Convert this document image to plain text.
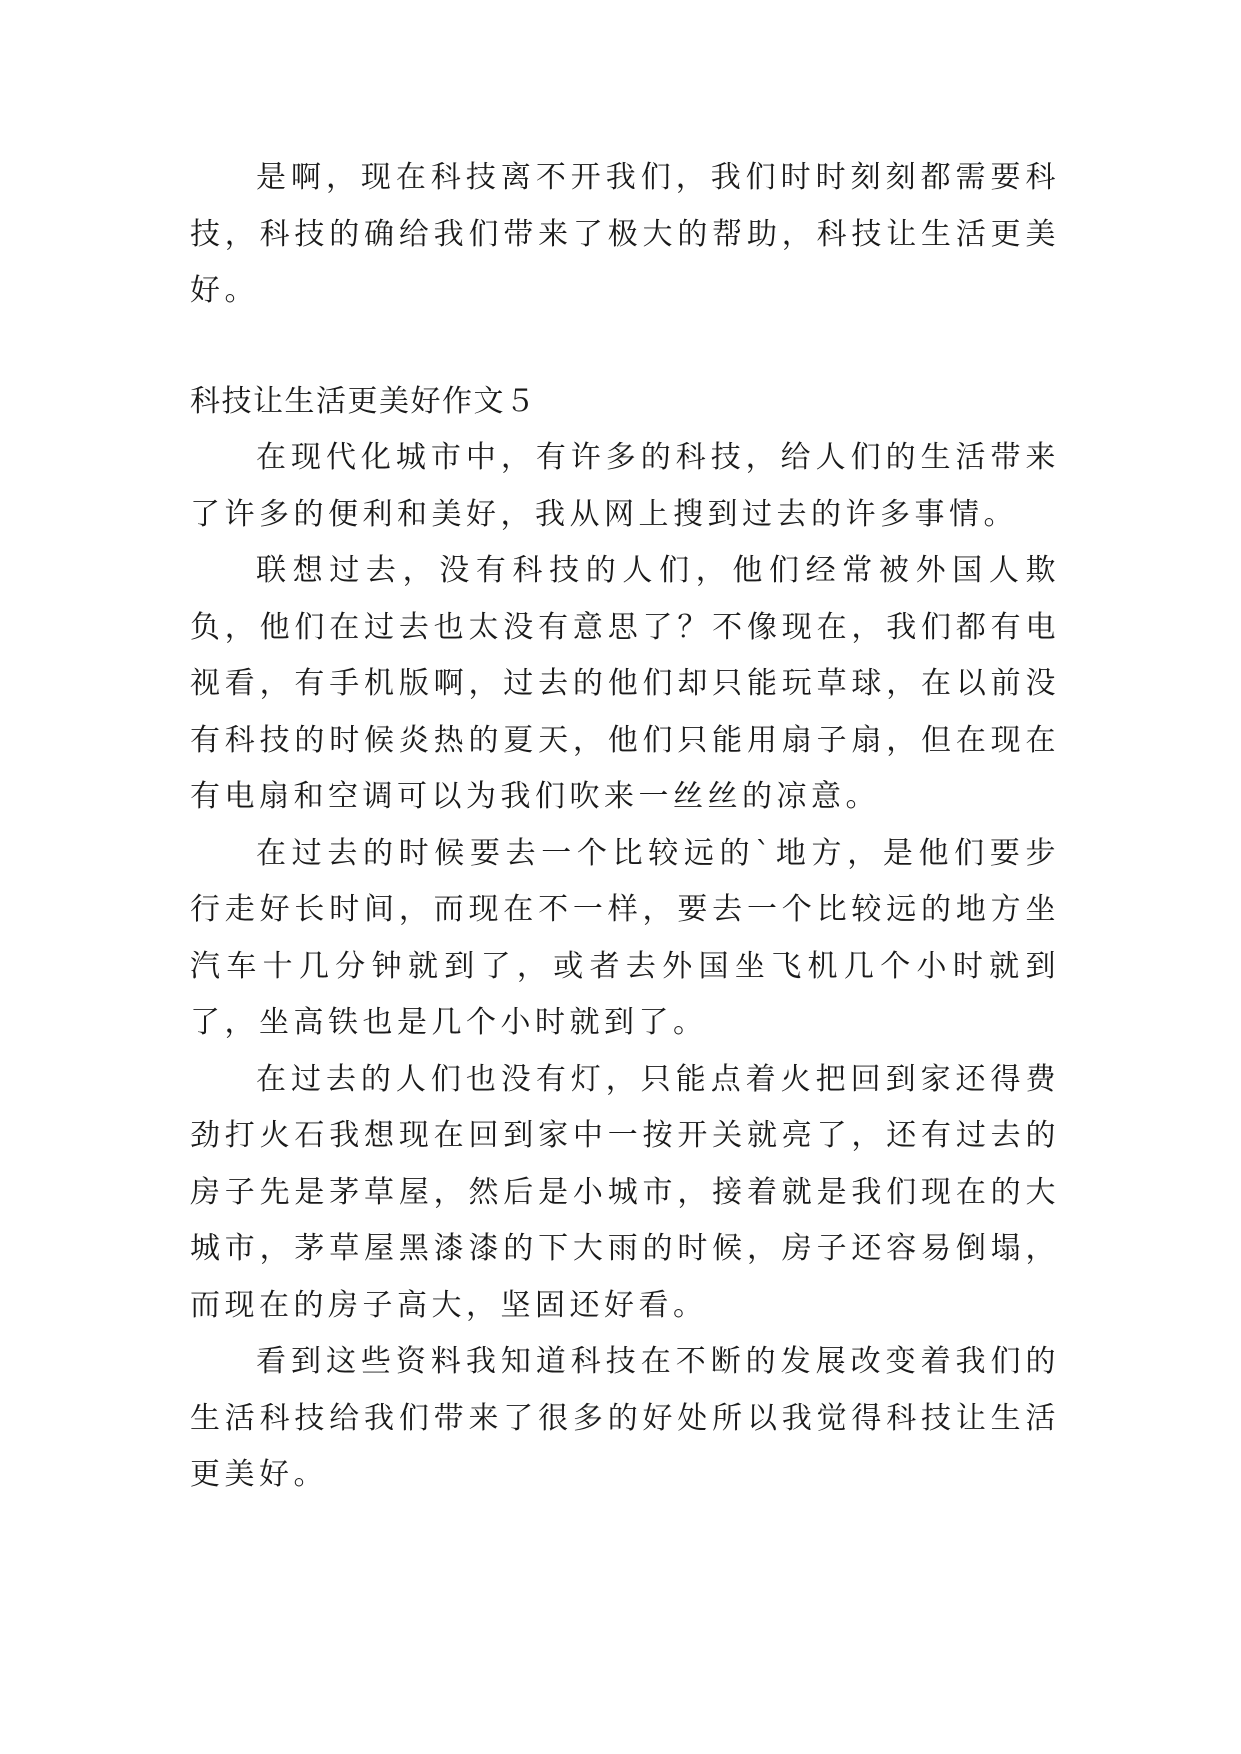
是啊，现在科技离不开我们，我们时时刻刻都需要科技，科技的确给我们带来了极大的帮助，科技让生活更美好。

科技让生活更美好作文５

在现代化城市中，有许多的科技，给人们的生活带来了许多的便利和美好，我从网上搜到过去的许多事情。

联想过去，没有科技的人们，他们经常被外国人欺负，他们在过去也太没有意思了？不像现在，我们都有电视看，有手机版啊，过去的他们却只能玩草球，在以前没有科技的时候炎热的夏天，他们只能用扇子扇，但在现在有电扇和空调可以为我们吹来一丝丝的凉意。

在过去的时候要去一个比较远的`地方，是他们要步行走好长时间，而现在不一样，要去一个比较远的地方坐汽车十几分钟就到了，或者去外国坐飞机几个小时就到了，坐高铁也是几个小时就到了。

在过去的人们也没有灯，只能点着火把回到家还得费劲打火石我想现在回到家中一按开关就亮了，还有过去的房子先是茅草屋，然后是小城市，接着就是我们现在的大城市，茅草屋黑漆漆的下大雨的时候，房子还容易倒塌，而现在的房子高大，坚固还好看。

看到这些资料我知道科技在不断的发展改变着我们的生活科技给我们带来了很多的好处所以我觉得科技让生活更美好。
